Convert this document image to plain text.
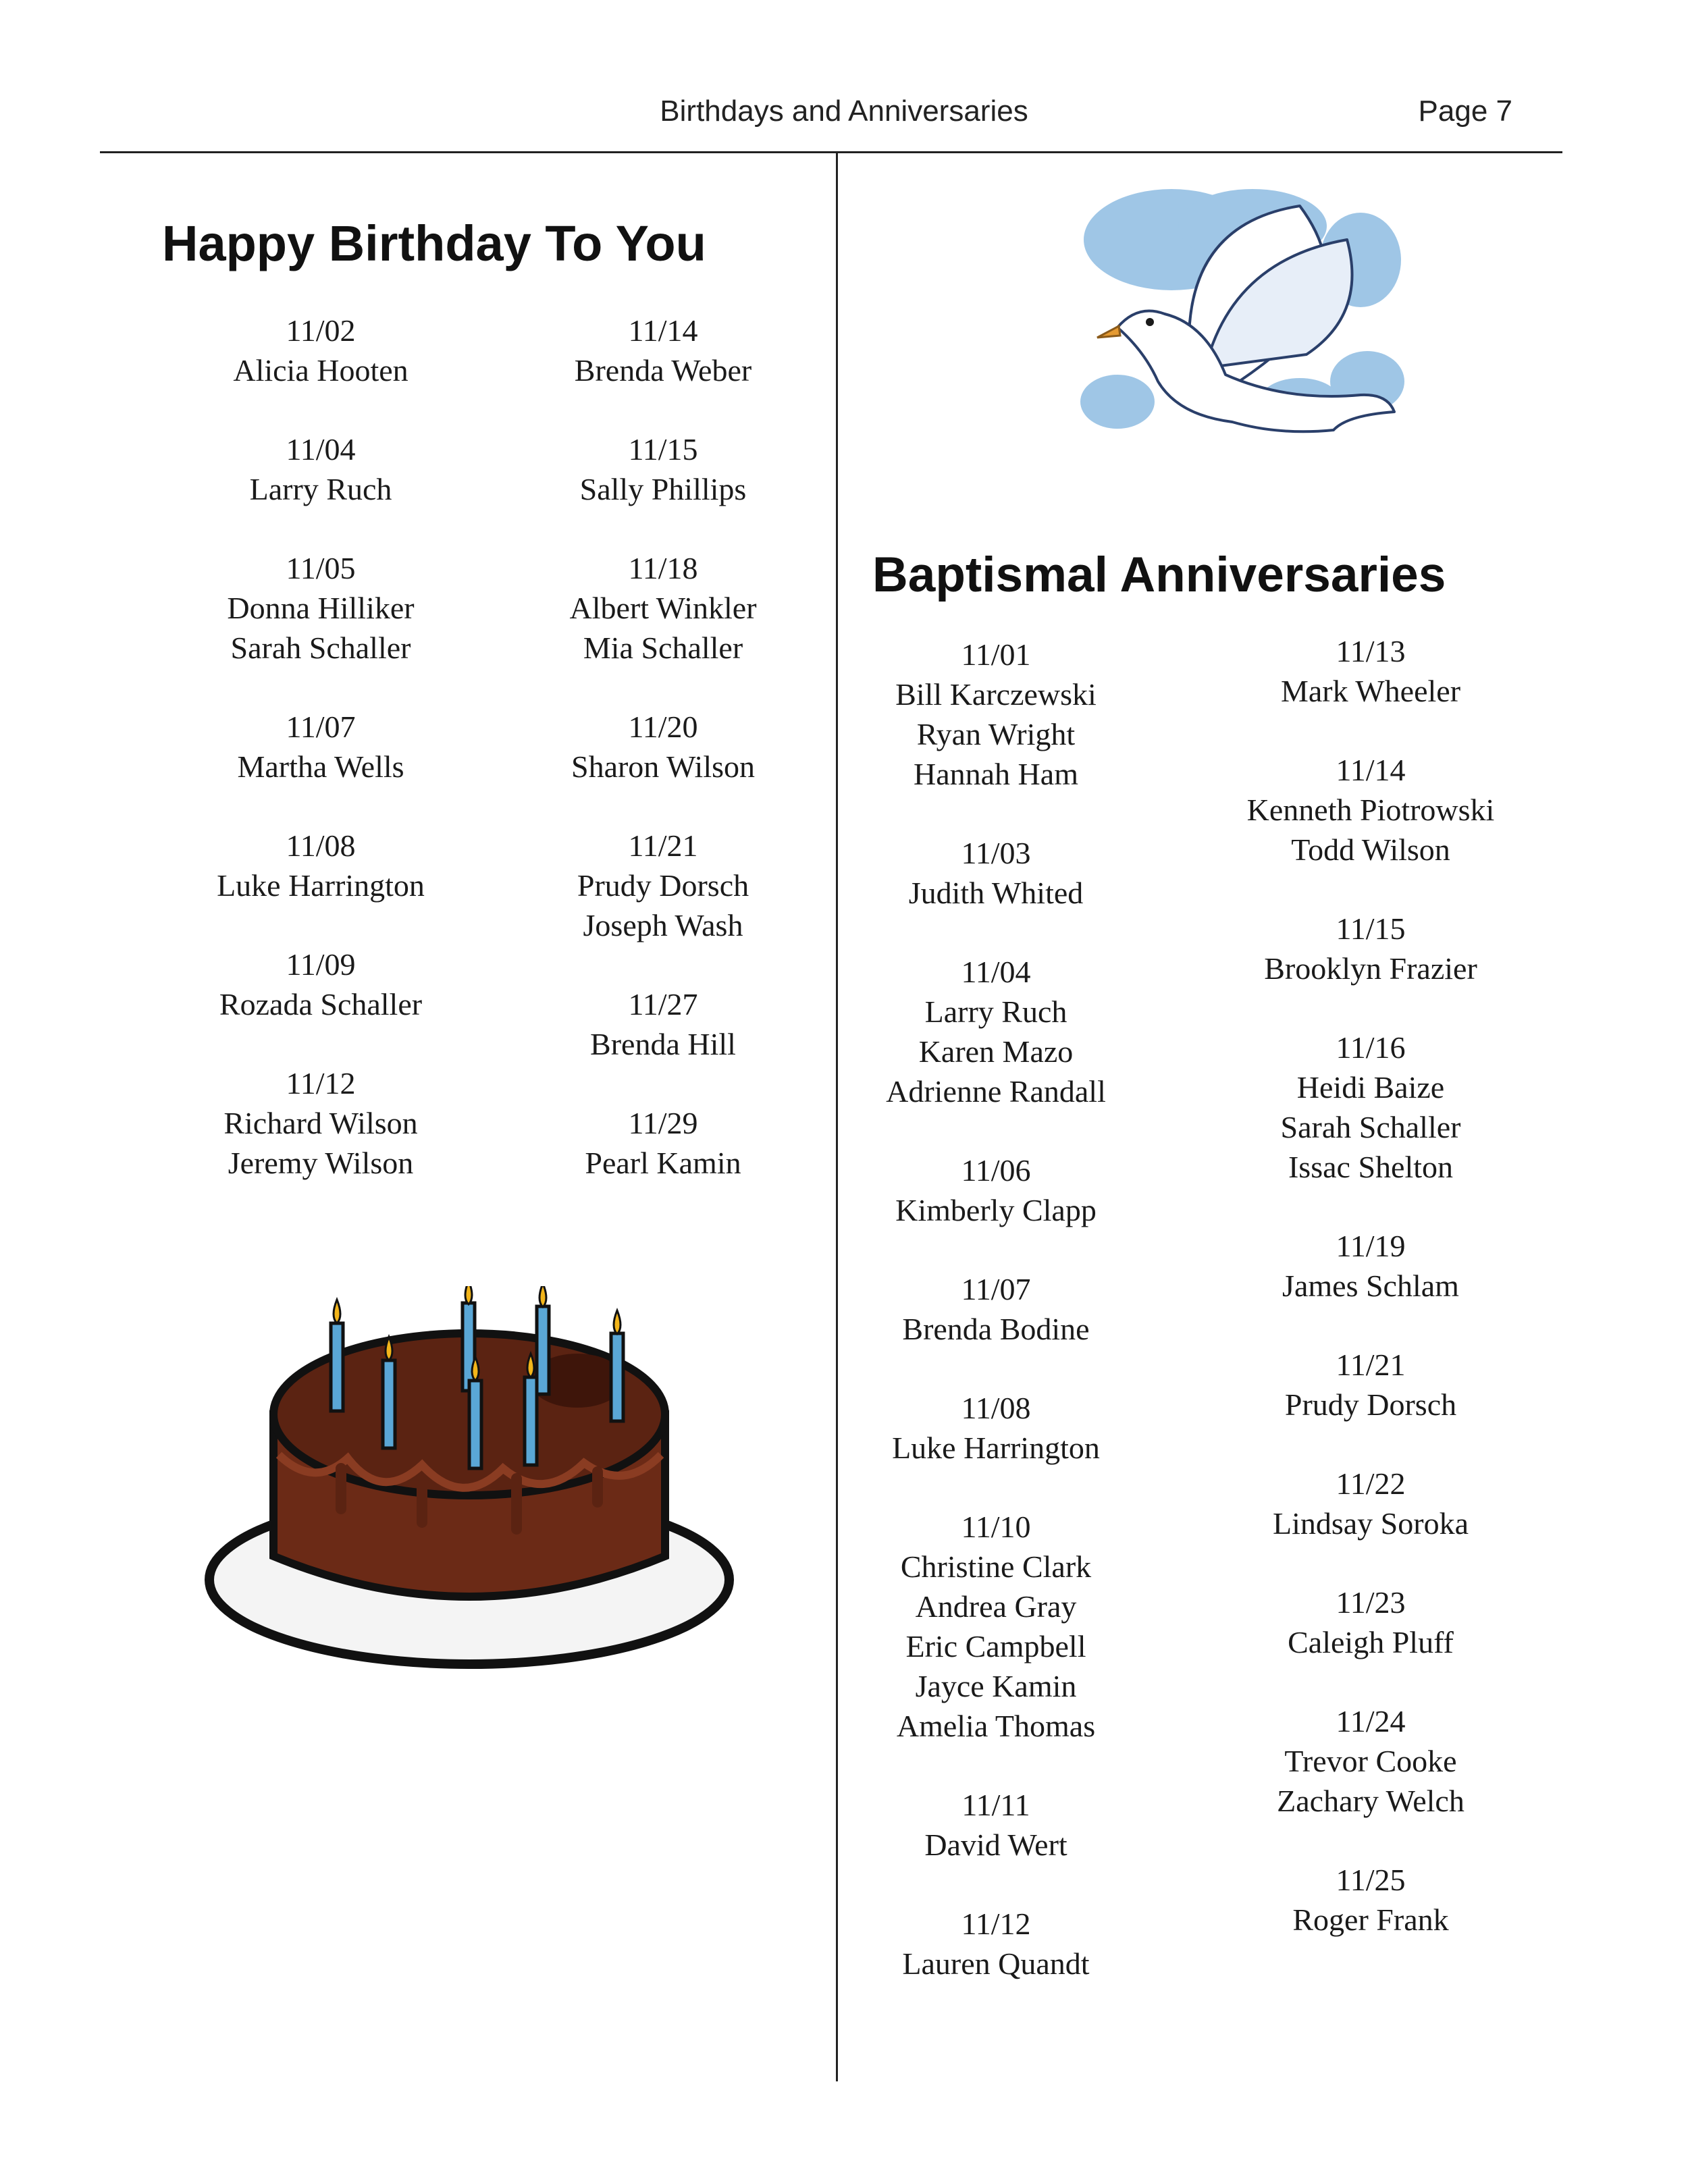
Birthdays and Anniversaries	Page 7
Happy Birthday To You
11/02
Alicia Hooten
11/04
Larry Ruch
11/05
Donna Hilliker
Sarah Schaller
11/07
Martha Wells
11/08
Luke Harrington
11/09
Rozada Schaller
11/12
Richard Wilson
Jeremy Wilson
11/14
Brenda Weber
11/15
Sally Phillips
11/18
Albert Winkler
Mia Schaller
11/20
Sharon Wilson
11/21
Prudy Dorsch
Joseph Wash
11/27
Brenda Hill
11/29
Pearl Kamin
Baptismal Anniversaries
11/01
Bill Karczewski
Ryan Wright
Hannah Ham
11/03
Judith Whited
11/04
Larry Ruch
Karen Mazo
Adrienne Randall
11/06
Kimberly Clapp
11/07
Brenda Bodine
11/08
Luke Harrington
11/10
Christine Clark
Andrea Gray
Eric Campbell
Jayce Kamin
Amelia Thomas
11/11
David Wert
11/12
Lauren Quandt
11/13
Mark Wheeler
11/14
Kenneth Piotrowski
Todd Wilson
11/15
Brooklyn Frazier
11/16
Heidi Baize
Sarah Schaller
Issac Shelton
11/19
James Schlam
11/21
Prudy Dorsch
11/22
Lindsay Soroka
11/23
Caleigh Pluff
11/24
Trevor Cooke
Zachary Welch
11/25
Roger Frank
